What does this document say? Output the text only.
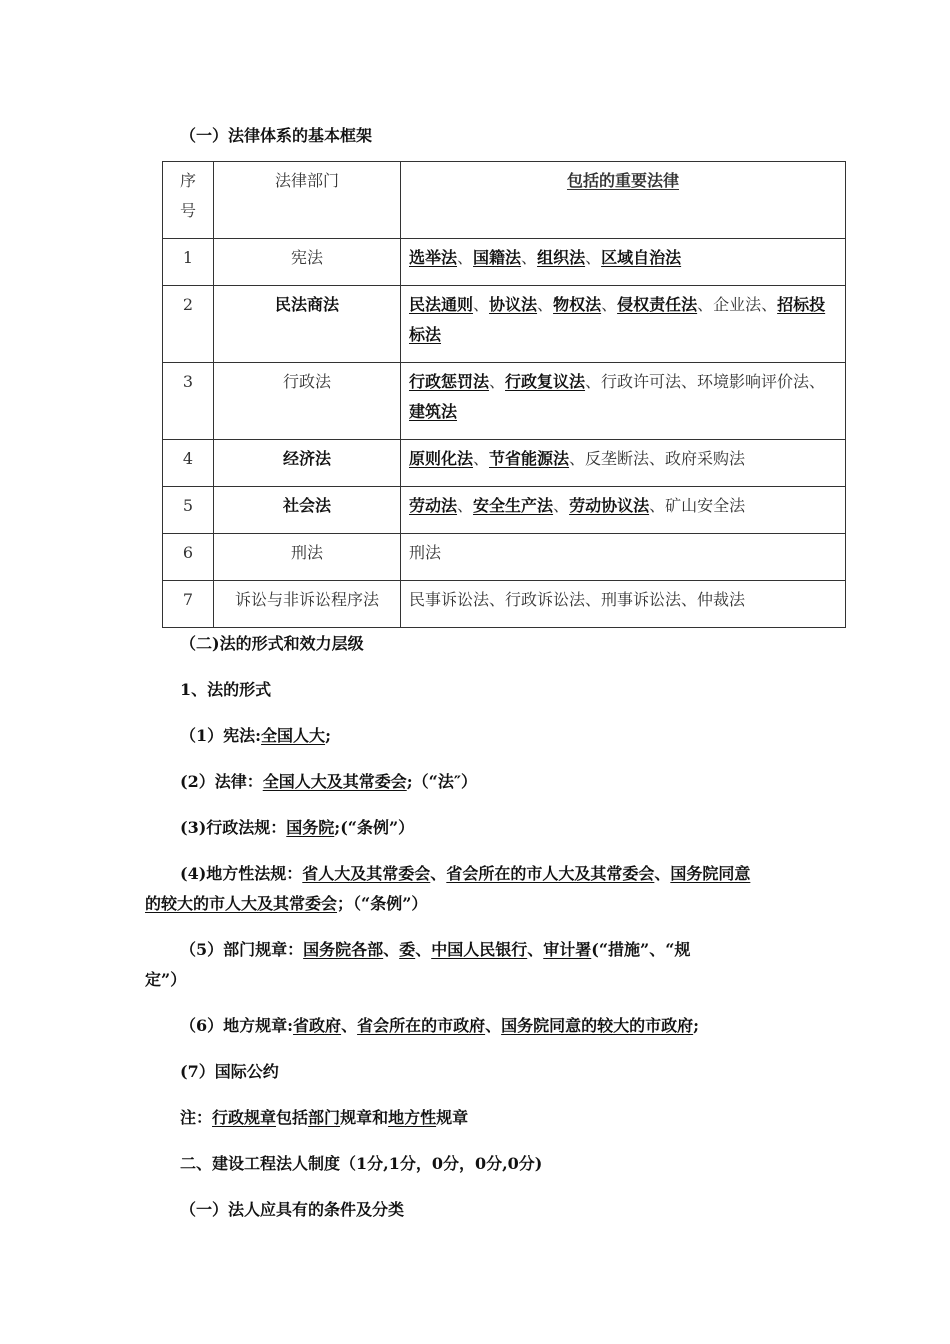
（一）法律体系的基本框架
序
号	法律部门	包括的重要法律
1	宪法	选举法、国籍法、组织法、区域自治法
2	民法商法	民法通则、协议法、物权法、侵权责任法、企业法、招标投标法
3	行政法	行政惩罚法、行政复议法、行政许可法、环境影响评价法、建筑法
4	经济法	原则化法、节省能源法、反垄断法、政府采购法
5	社会法	劳动法、安全生产法、劳动协议法、矿山安全法
6	刑法	刑法
7	诉讼与非诉讼程序法	民事诉讼法、行政诉讼法、刑事诉讼法、仲裁法
（二)法的形式和效力层级
1、法的形式
（1）宪法:全国人大;
(2）法律：全国人大及其常委会;（“法″）
(3)行政法规：国务院;(“条例”）
(4)地方性法规：省人大及其常委会、省会所在的市人大及其常委会、国务院同意
的较大的市人大及其常委会；（“条例”）
（5）部门规章：国务院各部、委、中国人民银行、审计署(“措施”、“规
定”）
（6）地方规章:省政府、省会所在的市政府、国务院同意的较大的市政府;
(7）国际公约
注：行政规章包括部门规章和地方性规章
二、建设工程法人制度（1分,1分，0分，0分,0分)
（一）法人应具有的条件及分类
